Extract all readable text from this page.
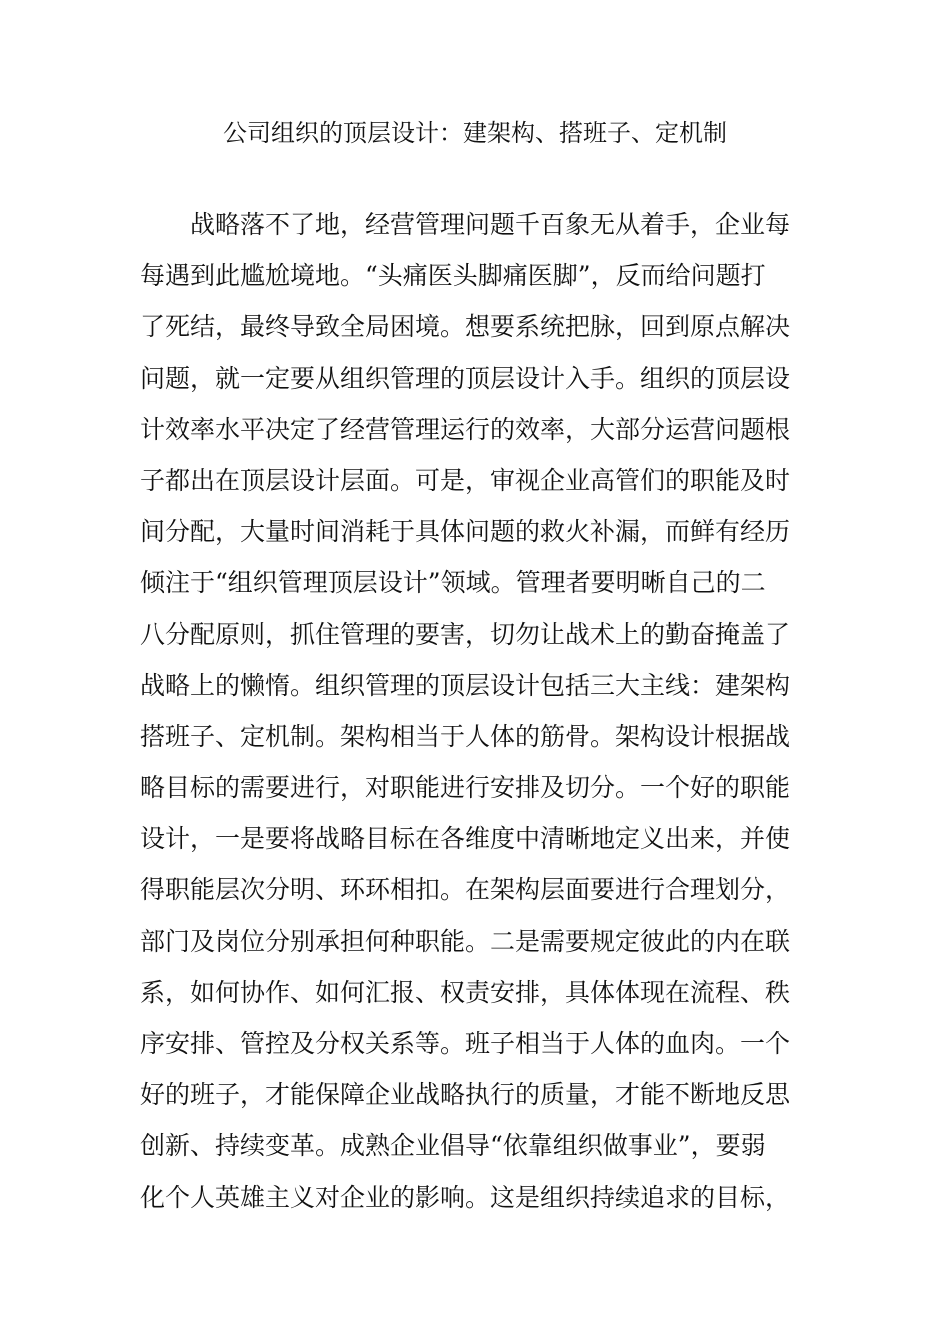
公司组织的顶层设计：建架构、搭班子、定机制
战略落不了地，经营管理问题千百象无从着手，企业每
每遇到此尴尬境地。“头痛医头脚痛医脚”，反而给问题打
了死结，最终导致全局困境。想要系统把脉，回到原点解决
问题，就一定要从组织管理的顶层设计入手。组织的顶层设
计效率水平决定了经营管理运行的效率，大部分运营问题根
子都出在顶层设计层面。可是，审视企业高管们的职能及时
间分配，大量时间消耗于具体问题的救火补漏，而鲜有经历
倾注于“组织管理顶层设计”领域。管理者要明晰自己的二
八分配原则，抓住管理的要害，切勿让战术上的勤奋掩盖了
战略上的懒惰。组织管理的顶层设计包括三大主线：建架构
搭班子、定机制。架构相当于人体的筋骨。架构设计根据战
略目标的需要进行，对职能进行安排及切分。一个好的职能
设计，一是要将战略目标在各维度中清晰地定义出来，并使
得职能层次分明、环环相扣。在架构层面要进行合理划分，
部门及岗位分别承担何种职能。二是需要规定彼此的内在联
系，如何协作、如何汇报、权责安排，具体体现在流程、秩
序安排、管控及分权关系等。班子相当于人体的血肉。一个
好的班子，才能保障企业战略执行的质量，才能不断地反思
创新、持续变革。成熟企业倡导“依靠组织做事业”，要弱
化个人英雄主义对企业的影响。这是组织持续追求的目标，
